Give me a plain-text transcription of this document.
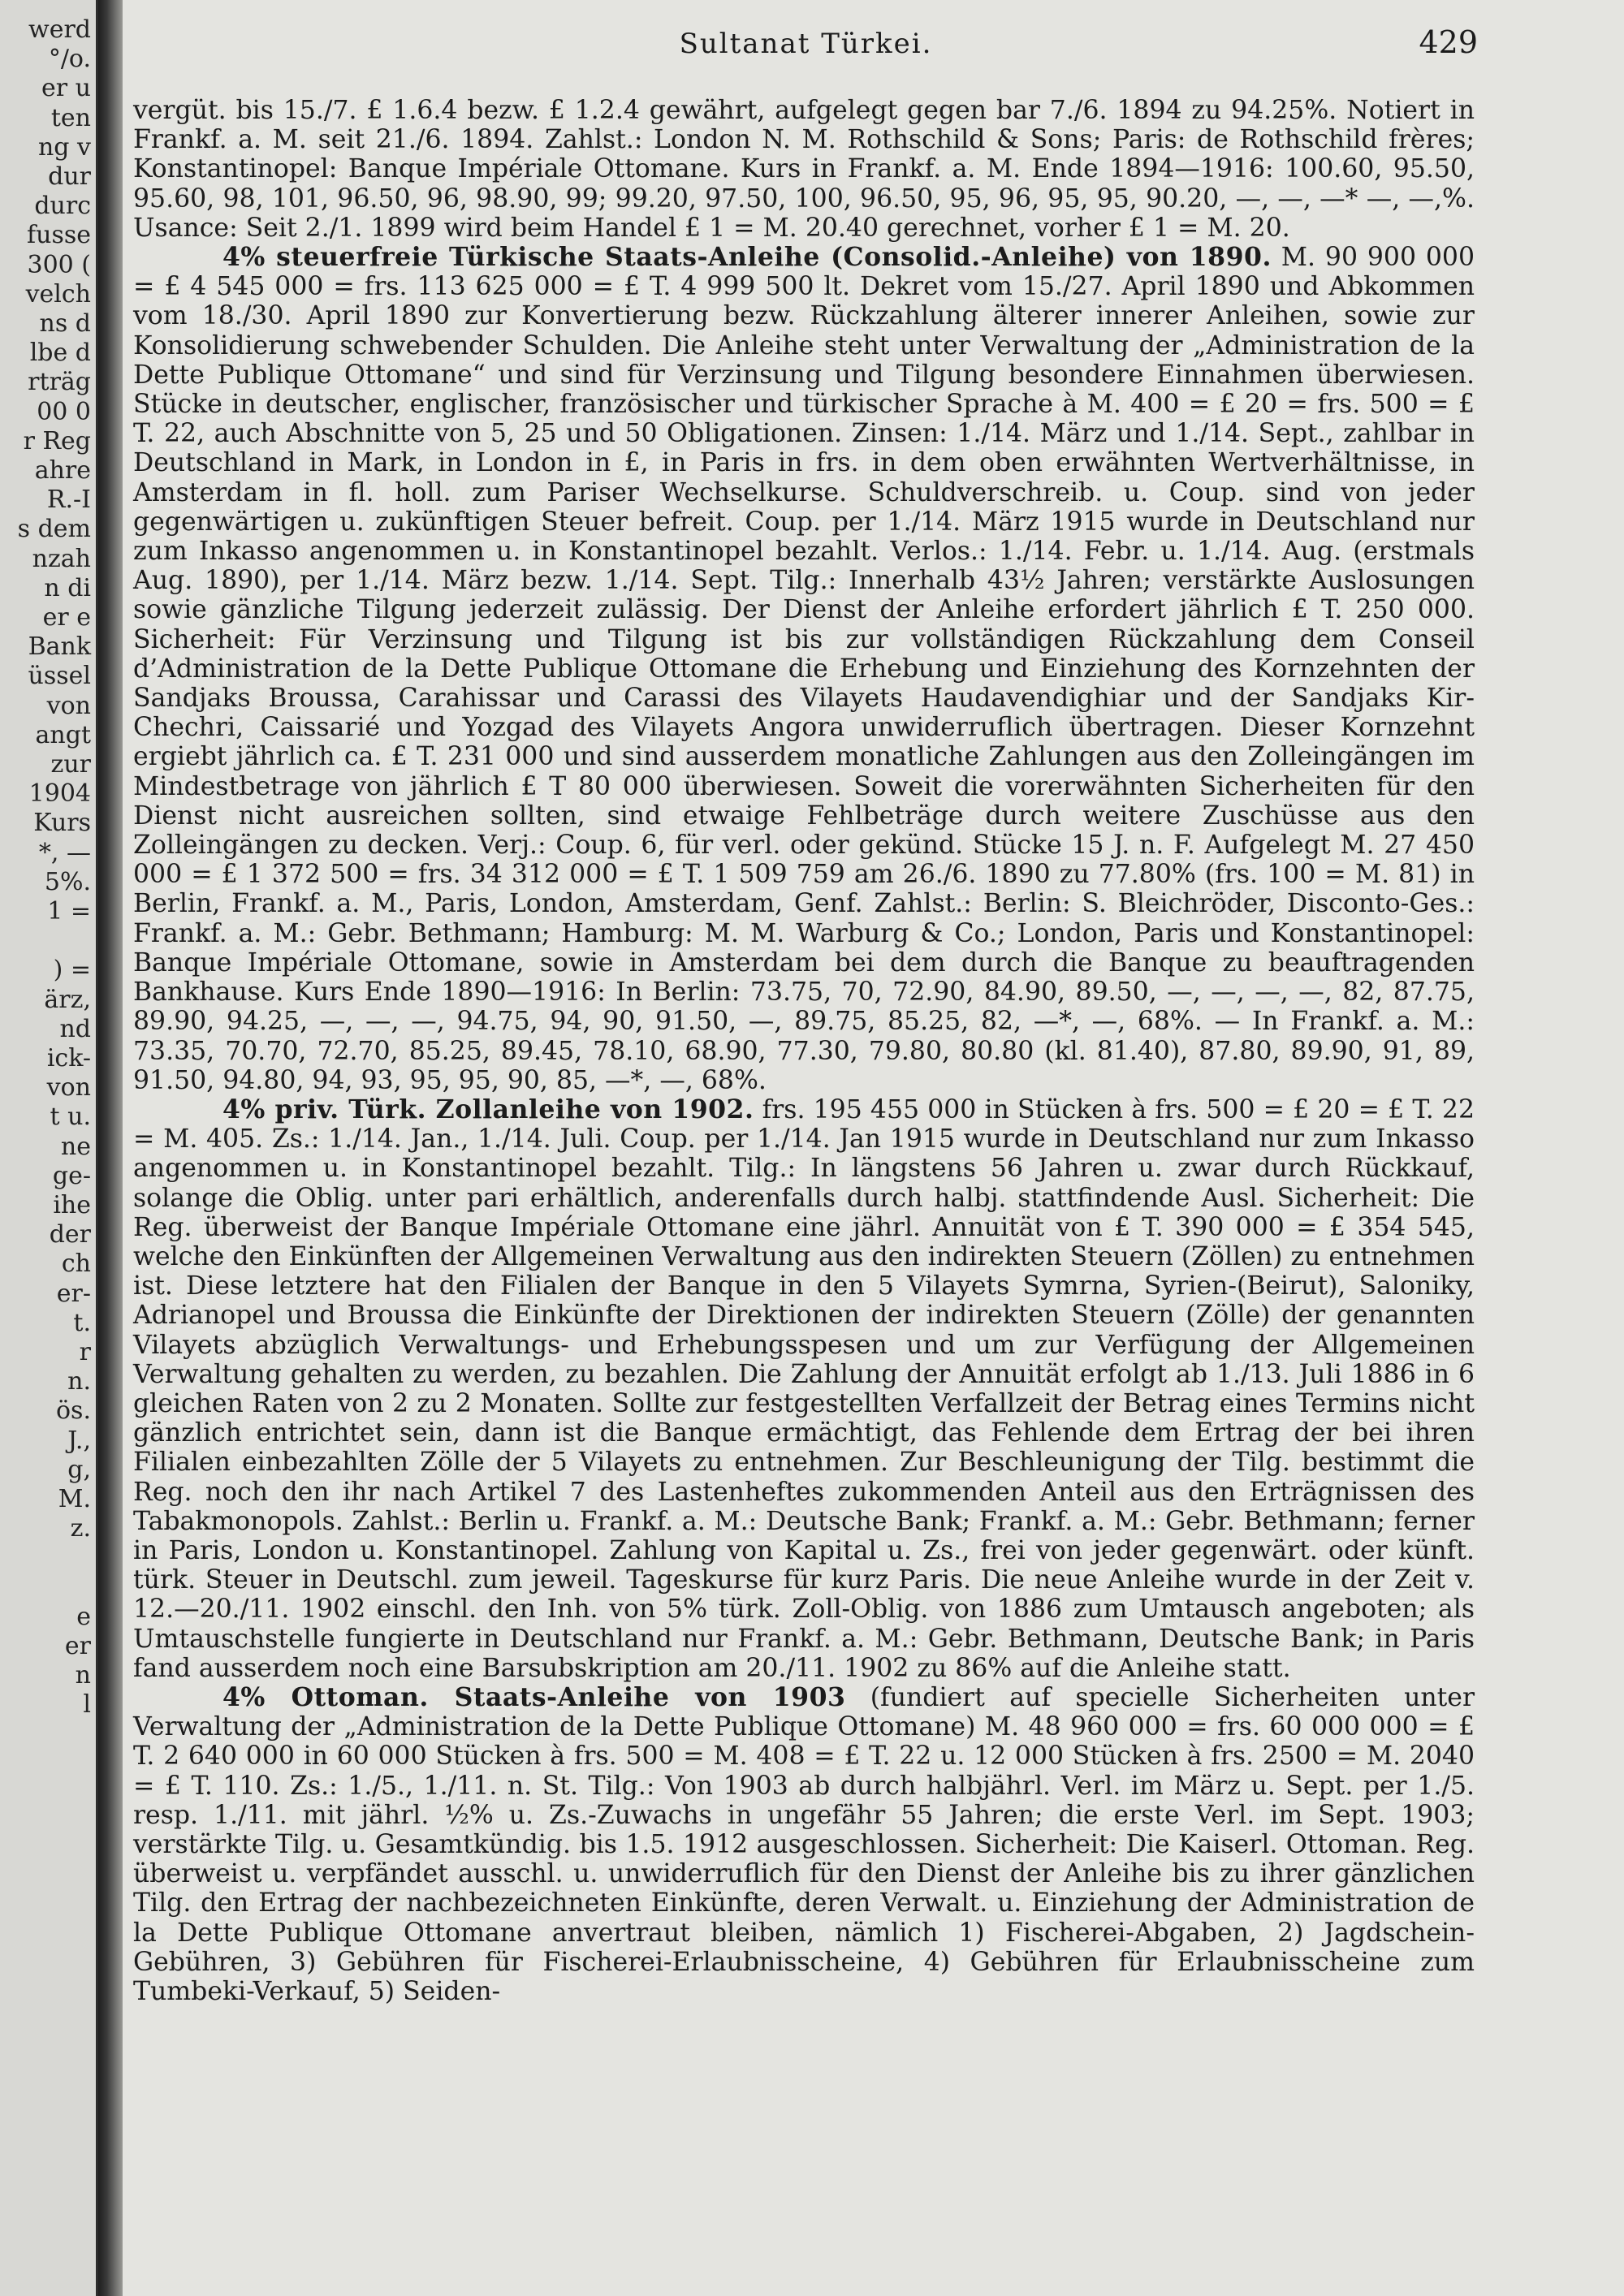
werd
°/o.
er u
ten
ng v
dur
durc
fusse
300 (
velch
ns d
lbe d
rträg
00 0
r Reg
ahre
R.-I
s dem
nzah
n di
er e
Bank
üssel
von
angt
zur
1904
Kurs
*, —
5%.
1 =
) =
ärz,
nd
ick-
von
t u.
ne
ge-
ihe
der
ch
er-
t.
r
n.
ös.
J.,
g,
M.
z.
e
er
n
l
Sultanat Türkei.	429

vergüt. bis 15./7. £ 1.6.4 bezw. £ 1.2.4 gewährt, aufgelegt gegen bar 7./6. 1894 zu 94.25%. Notiert in Frankf. a. M. seit 21./6. 1894. Zahlst.: London N. M. Rothschild & Sons; Paris: de Rothschild frères; Konstantinopel: Banque Impériale Ottomane. Kurs in Frankf. a. M. Ende 1894—1916: 100.60, 95.50, 95.60, 98, 101, 96.50, 96, 98.90, 99; 99.20, 97.50, 100, 96.50, 95, 96, 95, 95, 90.20, —, —, —* —, —,%. Usance: Seit 2./1. 1899 wird beim Handel £ 1 = M. 20.40 gerechnet, vorher £ 1 = M. 20.

4% steuerfreie Türkische Staats-Anleihe (Consolid.-Anleihe) von 1890. M. 90 900 000 = £ 4 545 000 = frs. 113 625 000 = £ T. 4 999 500 lt. Dekret vom 15./27. April 1890 und Abkommen vom 18./30. April 1890 zur Konvertierung bezw. Rückzahlung älterer innerer Anleihen, sowie zur Konsolidierung schwebender Schulden. Die Anleihe steht unter Verwaltung der „Administration de la Dette Publique Ottomane“ und sind für Verzinsung und Tilgung besondere Einnahmen überwiesen. Stücke in deutscher, englischer, französischer und türkischer Sprache à M. 400 = £ 20 = frs. 500 = £ T. 22, auch Abschnitte von 5, 25 und 50 Obligationen. Zinsen: 1./14. März und 1./14. Sept., zahlbar in Deutschland in Mark, in London in £, in Paris in frs. in dem oben erwähnten Wertverhältnisse, in Amsterdam in fl. holl. zum Pariser Wechselkurse. Schuldverschreib. u. Coup. sind von jeder gegenwärtigen u. zukünftigen Steuer befreit. Coup. per 1./14. März 1915 wurde in Deutschland nur zum Inkasso angenommen u. in Konstantinopel bezahlt. Verlos.: 1./14. Febr. u. 1./14. Aug. (erstmals Aug. 1890), per 1./14. März bezw. 1./14. Sept. Tilg.: Innerhalb 43½ Jahren; verstärkte Auslosungen sowie gänzliche Tilgung jederzeit zulässig. Der Dienst der Anleihe erfordert jährlich £ T. 250 000. Sicherheit: Für Verzinsung und Tilgung ist bis zur vollständigen Rückzahlung dem Conseil d’Administration de la Dette Publique Ottomane die Erhebung und Einziehung des Kornzehnten der Sandjaks Broussa, Carahissar und Carassi des Vilayets Haudavendighiar und der Sandjaks Kir-Chechri, Caissarié und Yozgad des Vilayets Angora unwiderruflich übertragen. Dieser Kornzehnt ergiebt jährlich ca. £ T. 231 000 und sind ausserdem monatliche Zahlungen aus den Zolleingängen im Mindestbetrage von jährlich £ T 80 000 überwiesen. Soweit die vorerwähnten Sicherheiten für den Dienst nicht ausreichen sollten, sind etwaige Fehlbeträge durch weitere Zuschüsse aus den Zolleingängen zu decken. Verj.: Coup. 6, für verl. oder gekünd. Stücke 15 J. n. F. Aufgelegt M. 27 450 000 = £ 1 372 500 = frs. 34 312 000 = £ T. 1 509 759 am 26./6. 1890 zu 77.80% (frs. 100 = M. 81) in Berlin, Frankf. a. M., Paris, London, Amsterdam, Genf. Zahlst.: Berlin: S. Bleichröder, Disconto-Ges.: Frankf. a. M.: Gebr. Bethmann; Hamburg: M. M. Warburg & Co.; London, Paris und Konstantinopel: Banque Impériale Ottomane, sowie in Amsterdam bei dem durch die Banque zu beauftragenden Bankhause. Kurs Ende 1890—1916: In Berlin: 73.75, 70, 72.90, 84.90, 89.50, —, —, —, —, 82, 87.75, 89.90, 94.25, —, —, —, 94.75, 94, 90, 91.50, —, 89.75, 85.25, 82, —*, —, 68%. — In Frankf. a. M.: 73.35, 70.70, 72.70, 85.25, 89.45, 78.10, 68.90, 77.30, 79.80, 80.80 (kl. 81.40), 87.80, 89.90, 91, 89, 91.50, 94.80, 94, 93, 95, 95, 90, 85, —*, —, 68%.

4% priv. Türk. Zollanleihe von 1902. frs. 195 455 000 in Stücken à frs. 500 = £ 20 = £ T. 22 = M. 405. Zs.: 1./14. Jan., 1./14. Juli. Coup. per 1./14. Jan 1915 wurde in Deutschland nur zum Inkasso angenommen u. in Konstantinopel bezahlt. Tilg.: In längstens 56 Jahren u. zwar durch Rückkauf, solange die Oblig. unter pari erhältlich, anderenfalls durch halbj. stattfindende Ausl. Sicherheit: Die Reg. überweist der Banque Impériale Ottomane eine jährl. Annuität von £ T. 390 000 = £ 354 545, welche den Einkünften der Allgemeinen Verwaltung aus den indirekten Steuern (Zöllen) zu entnehmen ist. Diese letztere hat den Filialen der Banque in den 5 Vilayets Symrna, Syrien-(Beirut), Saloniky, Adrianopel und Broussa die Einkünfte der Direktionen der indirekten Steuern (Zölle) der genannten Vilayets abzüglich Verwaltungs- und Erhebungsspesen und um zur Verfügung der Allgemeinen Verwaltung gehalten zu werden, zu bezahlen. Die Zahlung der Annuität erfolgt ab 1./13. Juli 1886 in 6 gleichen Raten von 2 zu 2 Monaten. Sollte zur festgestellten Verfallzeit der Betrag eines Termins nicht gänzlich entrichtet sein, dann ist die Banque ermächtigt, das Fehlende dem Ertrag der bei ihren Filialen einbezahlten Zölle der 5 Vilayets zu entnehmen. Zur Beschleunigung der Tilg. bestimmt die Reg. noch den ihr nach Artikel 7 des Lastenheftes zukommenden Anteil aus den Erträgnissen des Tabakmonopols. Zahlst.: Berlin u. Frankf. a. M.: Deutsche Bank; Frankf. a. M.: Gebr. Bethmann; ferner in Paris, London u. Konstantinopel. Zahlung von Kapital u. Zs., frei von jeder gegenwärt. oder künft. türk. Steuer in Deutschl. zum jeweil. Tageskurse für kurz Paris. Die neue Anleihe wurde in der Zeit v. 12.—20./11. 1902 einschl. den Inh. von 5% türk. Zoll-Oblig. von 1886 zum Umtausch angeboten; als Umtauschstelle fungierte in Deutschland nur Frankf. a. M.: Gebr. Bethmann, Deutsche Bank; in Paris fand ausserdem noch eine Barsubskription am 20./11. 1902 zu 86% auf die Anleihe statt.

4% Ottoman. Staats-Anleihe von 1903 (fundiert auf specielle Sicherheiten unter Verwaltung der „Administration de la Dette Publique Ottomane) M. 48 960 000 = frs. 60 000 000 = £ T. 2 640 000 in 60 000 Stücken à frs. 500 = M. 408 = £ T. 22 u. 12 000 Stücken à frs. 2500 = M. 2040 = £ T. 110. Zs.: 1./5., 1./11. n. St. Tilg.: Von 1903 ab durch halbjährl. Verl. im März u. Sept. per 1./5. resp. 1./11. mit jährl. ½% u. Zs.-Zuwachs in ungefähr 55 Jahren; die erste Verl. im Sept. 1903; verstärkte Tilg. u. Gesamtkündig. bis 1.5. 1912 ausgeschlossen. Sicherheit: Die Kaiserl. Ottoman. Reg. überweist u. verpfändet ausschl. u. unwiderruflich für den Dienst der Anleihe bis zu ihrer gänzlichen Tilg. den Ertrag der nachbezeichneten Einkünfte, deren Verwalt. u. Einziehung der Administration de la Dette Publique Ottomane anvertraut bleiben, nämlich 1) Fischerei-Abgaben, 2) Jagdschein-Gebühren, 3) Gebühren für Fischerei-Erlaubnisscheine, 4) Gebühren für Erlaubnisscheine zum Tumbeki-Verkauf, 5) Seiden-
